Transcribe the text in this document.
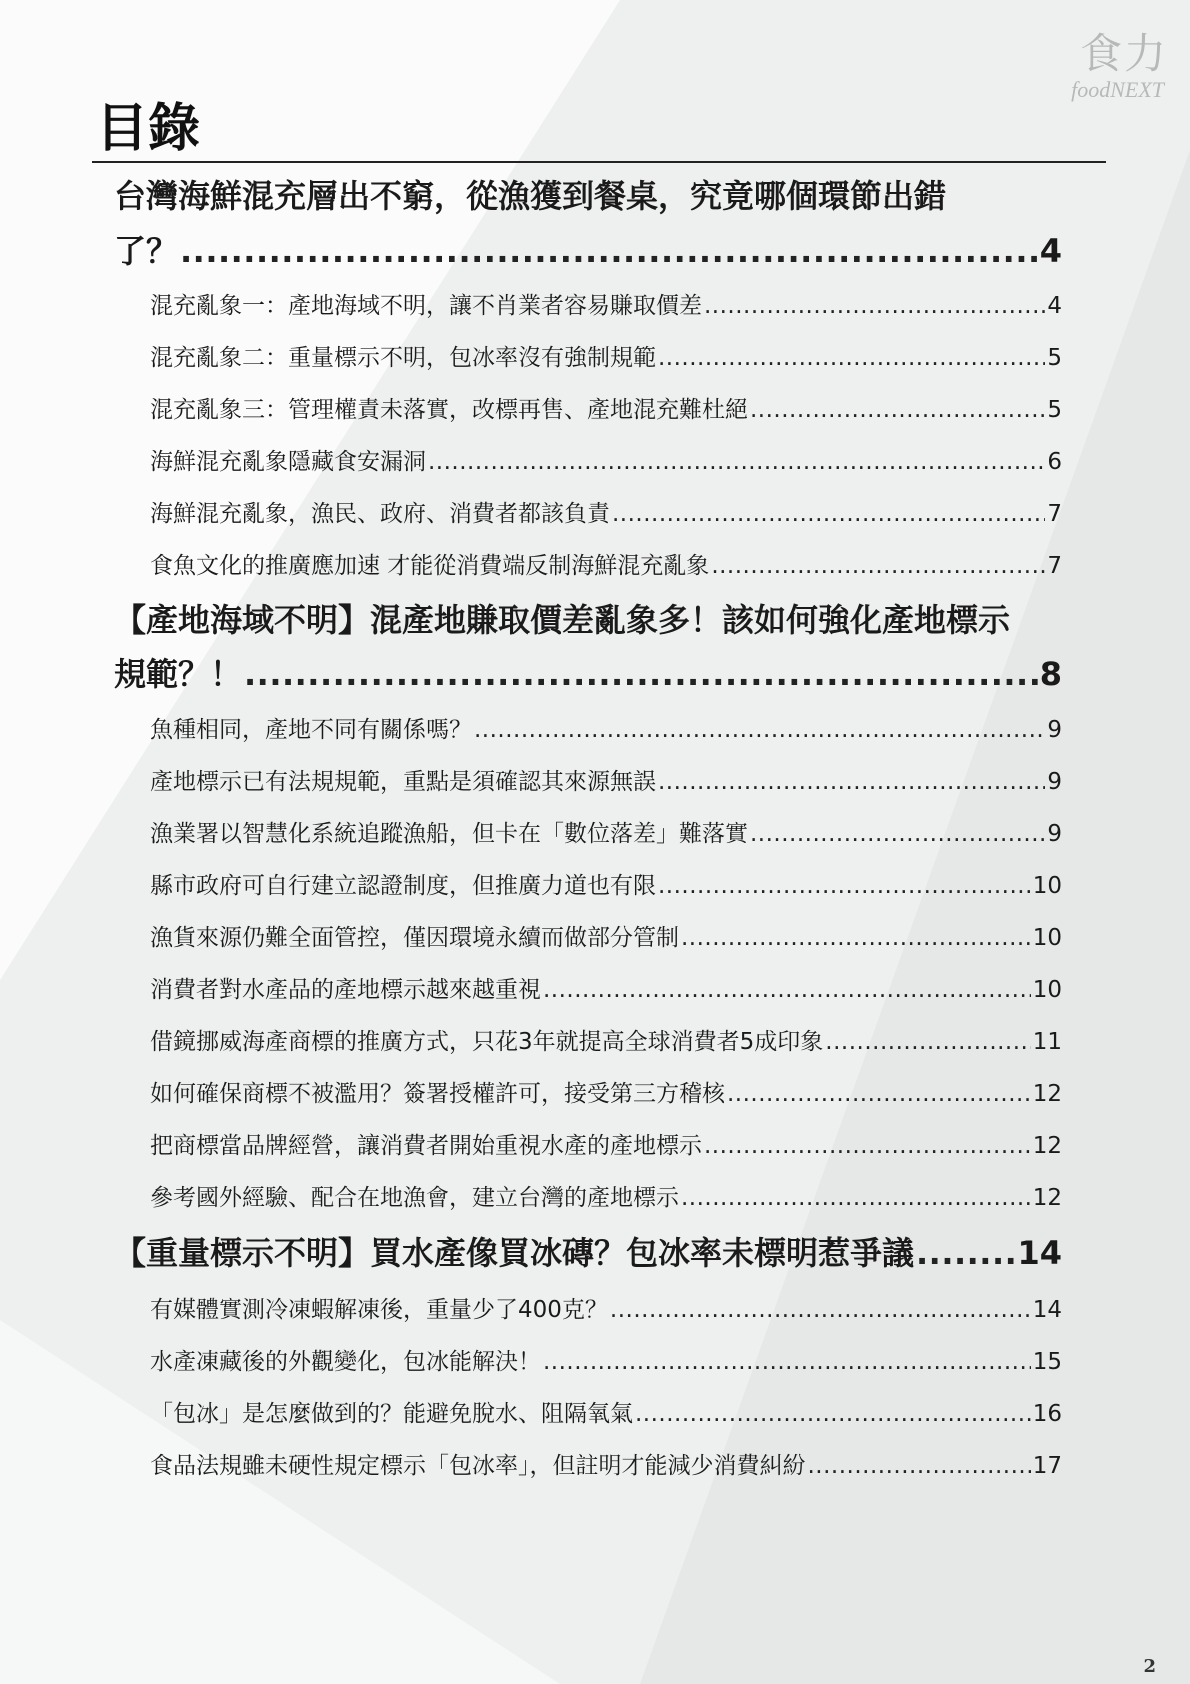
食力
foodNEXT
目錄
台灣海鮮混充層出不窮，從漁獲到餐桌，究竟哪個環節出錯
了？ .....	4
混充亂象一：產地海域不明，讓不肖業者容易賺取價差 .....	4
混充亂象二：重量標示不明，包冰率沒有強制規範 .....	5
混充亂象三：管理權責未落實，改標再售、產地混充難杜絕 .....	5
海鮮混充亂象隱藏食安漏洞 .....	6
海鮮混充亂象，漁民、政府、消費者都該負責 .....	7
食魚文化的推廣應加速 才能從消費端反制海鮮混充亂象 .....	7
【產地海域不明】混產地賺取價差亂象多！該如何強化產地標示
規範？！ .....	8
魚種相同，產地不同有關係嗎？ .....	9
產地標示已有法規規範，重點是須確認其來源無誤 .....	9
漁業署以智慧化系統追蹤漁船，但卡在「數位落差」難落實 .....	9
縣市政府可自行建立認證制度，但推廣力道也有限 .....	10
漁貨來源仍難全面管控，僅因環境永續而做部分管制 .....	10
消費者對水產品的產地標示越來越重視 .....	10
借鏡挪威海產商標的推廣方式，只花3年就提高全球消費者5成印象 .....	11
如何確保商標不被濫用？簽署授權許可，接受第三方稽核 .....	12
把商標當品牌經營，讓消費者開始重視水產的產地標示 .....	12
參考國外經驗、配合在地漁會，建立台灣的產地標示 .....	12
【重量標示不明】買水產像買冰磚？包冰率未標明惹爭議 .....	14
有媒體實測冷凍蝦解凍後，重量少了400克？ .....	14
水產凍藏後的外觀變化，包冰能解決！ .....	15
「包冰」是怎麼做到的？能避免脫水、阻隔氧氣 .....	16
食品法規雖未硬性規定標示「包冰率」，但註明才能減少消費糾紛 .....	17
2
